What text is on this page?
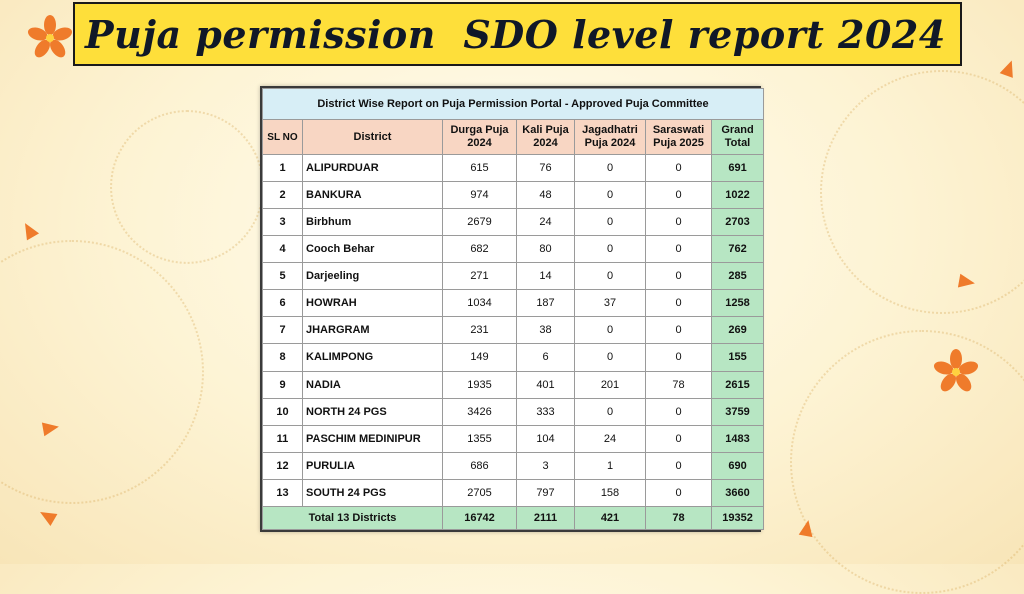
Puja permission  SDO level report 2024
District Wise Report on Puja Permission Portal - Approved Puja Committee						
SL NO	District	Durga Puja 2024	Kali Puja 2024	Jagadhatri Puja 2024	Saraswati Puja 2025	Grand Total
1	ALIPURDUAR	615	76	0	0	691
2	BANKURA	974	48	0	0	1022
3	Birbhum	2679	24	0	0	2703
4	Cooch Behar	682	80	0	0	762
5	Darjeeling	271	14	0	0	285
6	HOWRAH	1034	187	37	0	1258
7	JHARGRAM	231	38	0	0	269
8	KALIMPONG	149	6	0	0	155
9	NADIA	1935	401	201	78	2615
10	NORTH 24 PGS	3426	333	0	0	3759
11	PASCHIM MEDINIPUR	1355	104	24	0	1483
12	PURULIA	686	3	1	0	690
13	SOUTH 24 PGS	2705	797	158	0	3660
Total 13 Districts		16742	2111	421	78	19352
